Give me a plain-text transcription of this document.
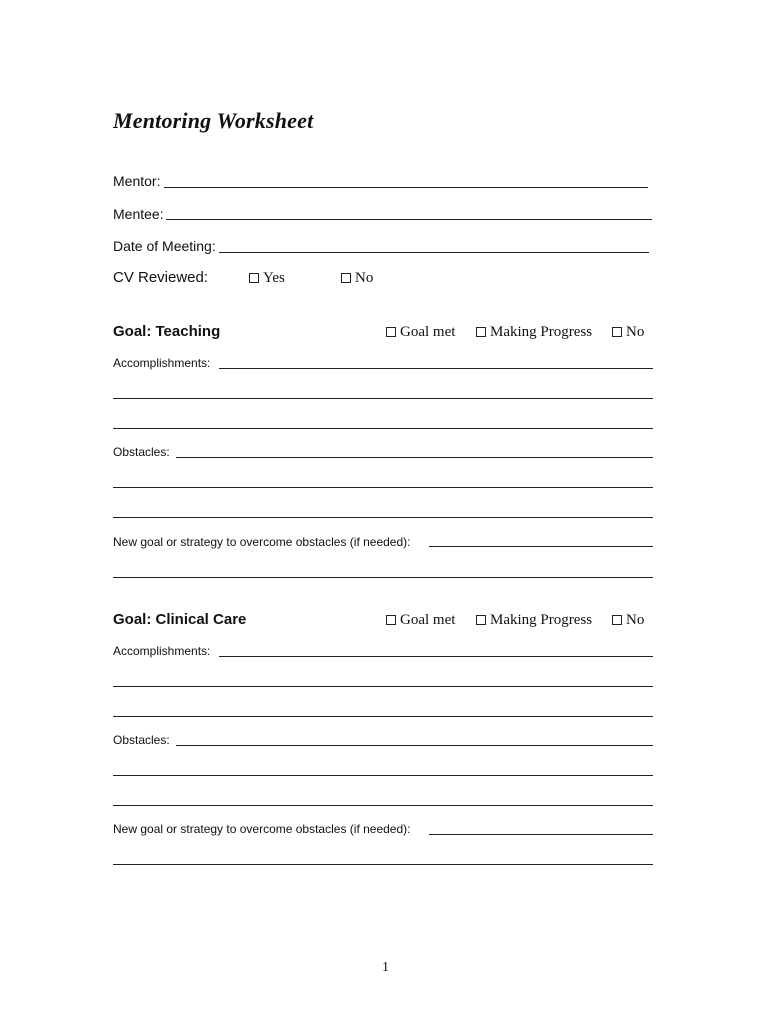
Mentoring Worksheet
Mentor:
Mentee:
Date of Meeting:
CV Reviewed:	Yes	No
Goal: Teaching	Goal met	Making Progress	No
Accomplishments:
Obstacles:
New goal or strategy to overcome obstacles (if needed):
Goal: Clinical Care	Goal met	Making Progress	No
Accomplishments:
Obstacles:
New goal or strategy to overcome obstacles (if needed):
1
